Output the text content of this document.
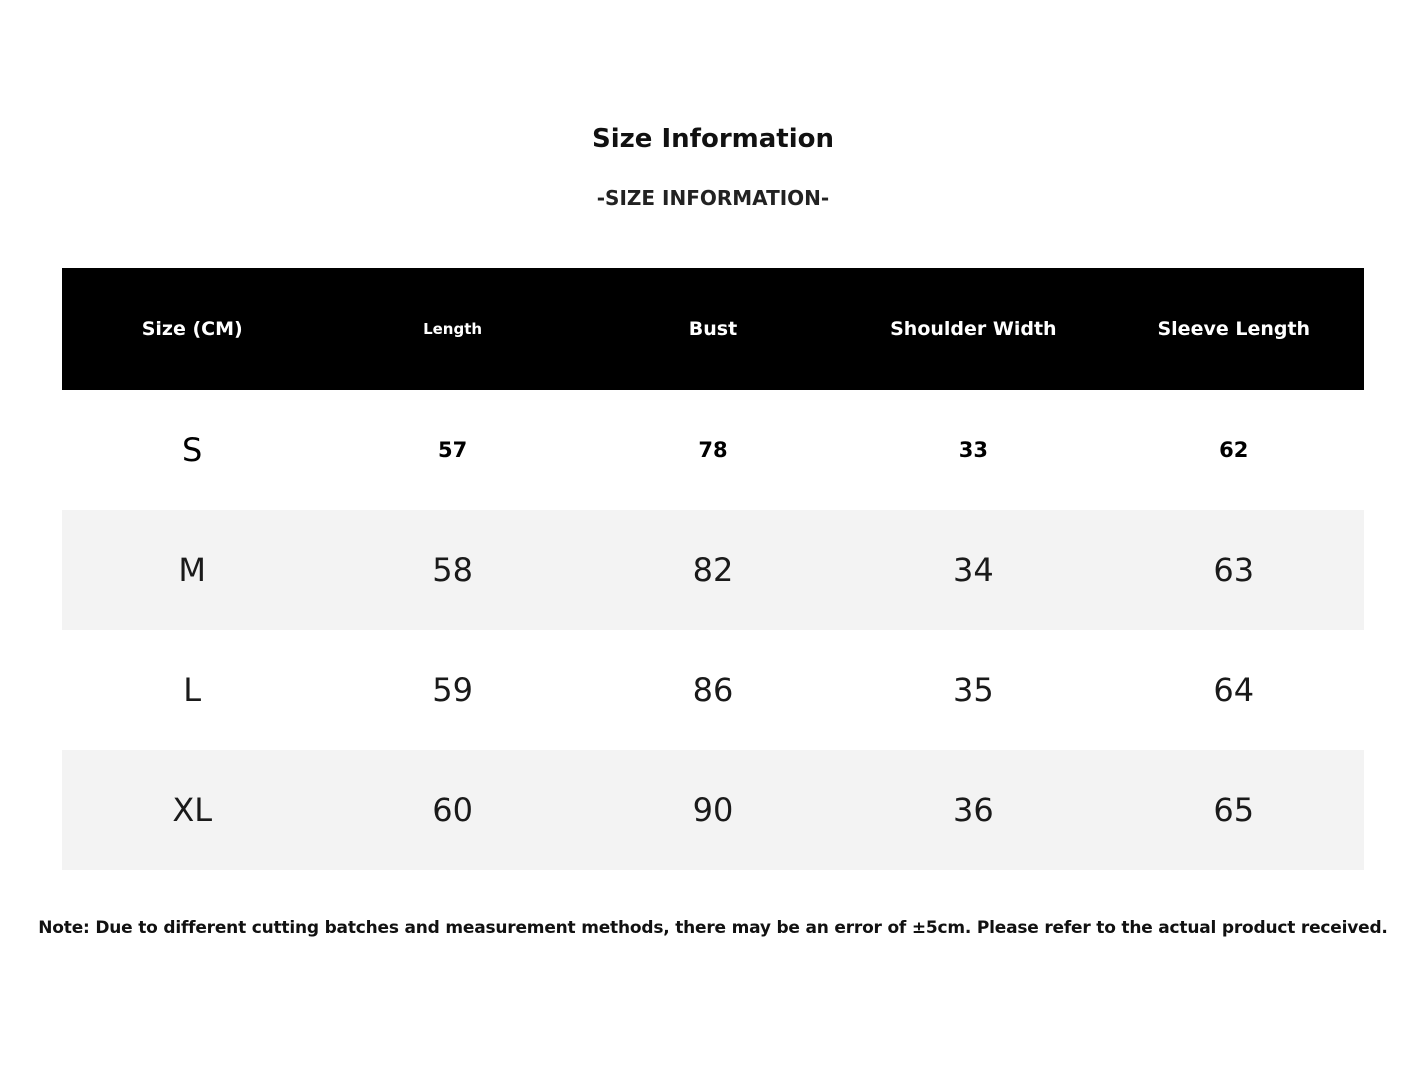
Size Information
-SIZE INFORMATION-
Size (CM)	Length	Bust	Shoulder Width	Sleeve Length
S	57	78	33	62
M	58	82	34	63
L	59	86	35	64
XL	60	90	36	65

Note: Due to different cutting batches and measurement methods, there may be an error of ±5cm. Please refer to the actual product received.
